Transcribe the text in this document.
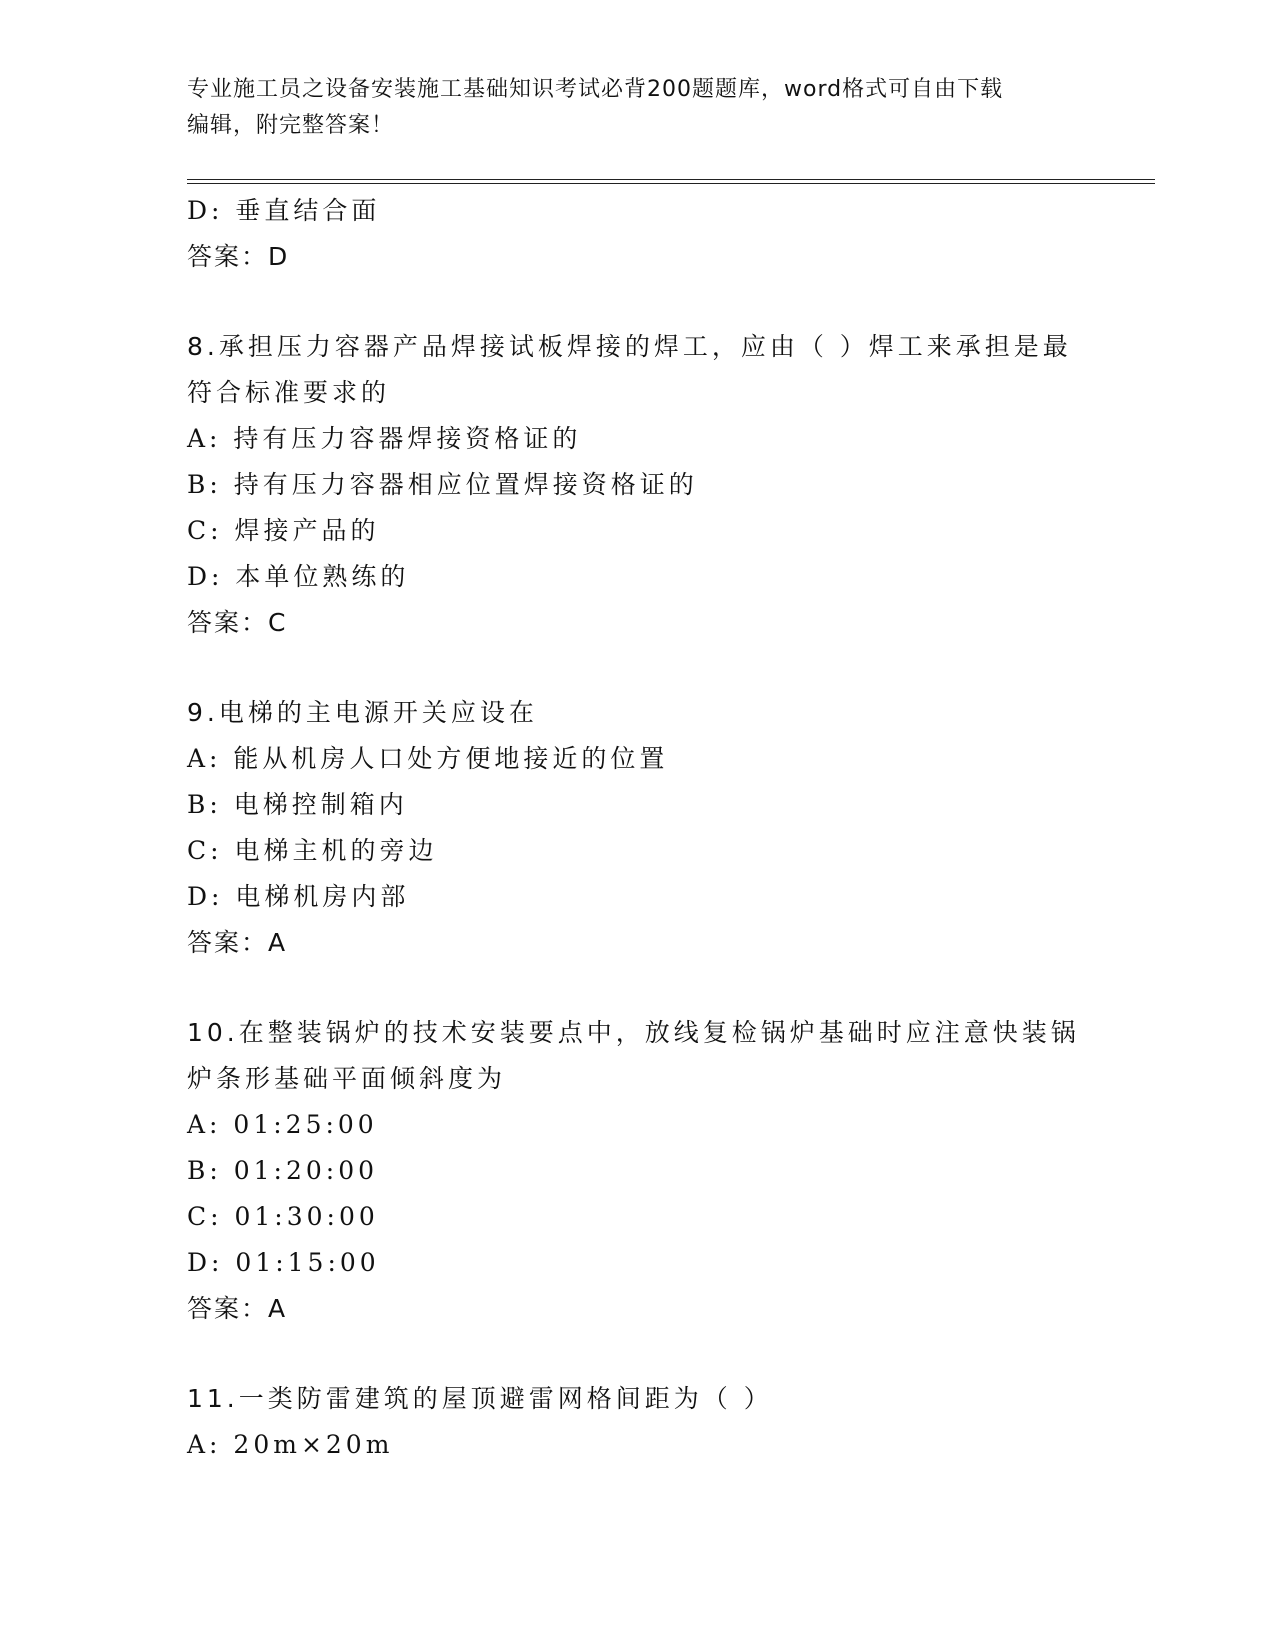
专业施工员之设备安装施工基础知识考试必背200题题库，word格式可自由下载
编辑，附完整答案！
D: 垂直结合面
答案：D
8.承担压力容器产品焊接试板焊接的焊工，应由（ ）焊工来承担是最
符合标准要求的
A: 持有压力容器焊接资格证的
B: 持有压力容器相应位置焊接资格证的
C: 焊接产品的
D: 本单位熟练的
答案：C
9.电梯的主电源开关应设在
A: 能从机房人口处方便地接近的位置
B: 电梯控制箱内
C: 电梯主机的旁边
D: 电梯机房内部
答案：A
10.在整装锅炉的技术安装要点中，放线复检锅炉基础时应注意快装锅
炉条形基础平面倾斜度为
A: 01:25:00
B: 01:20:00
C: 01:30:00
D: 01:15:00
答案：A
11.一类防雷建筑的屋顶避雷网格间距为（ ）
A: 20m×20m
